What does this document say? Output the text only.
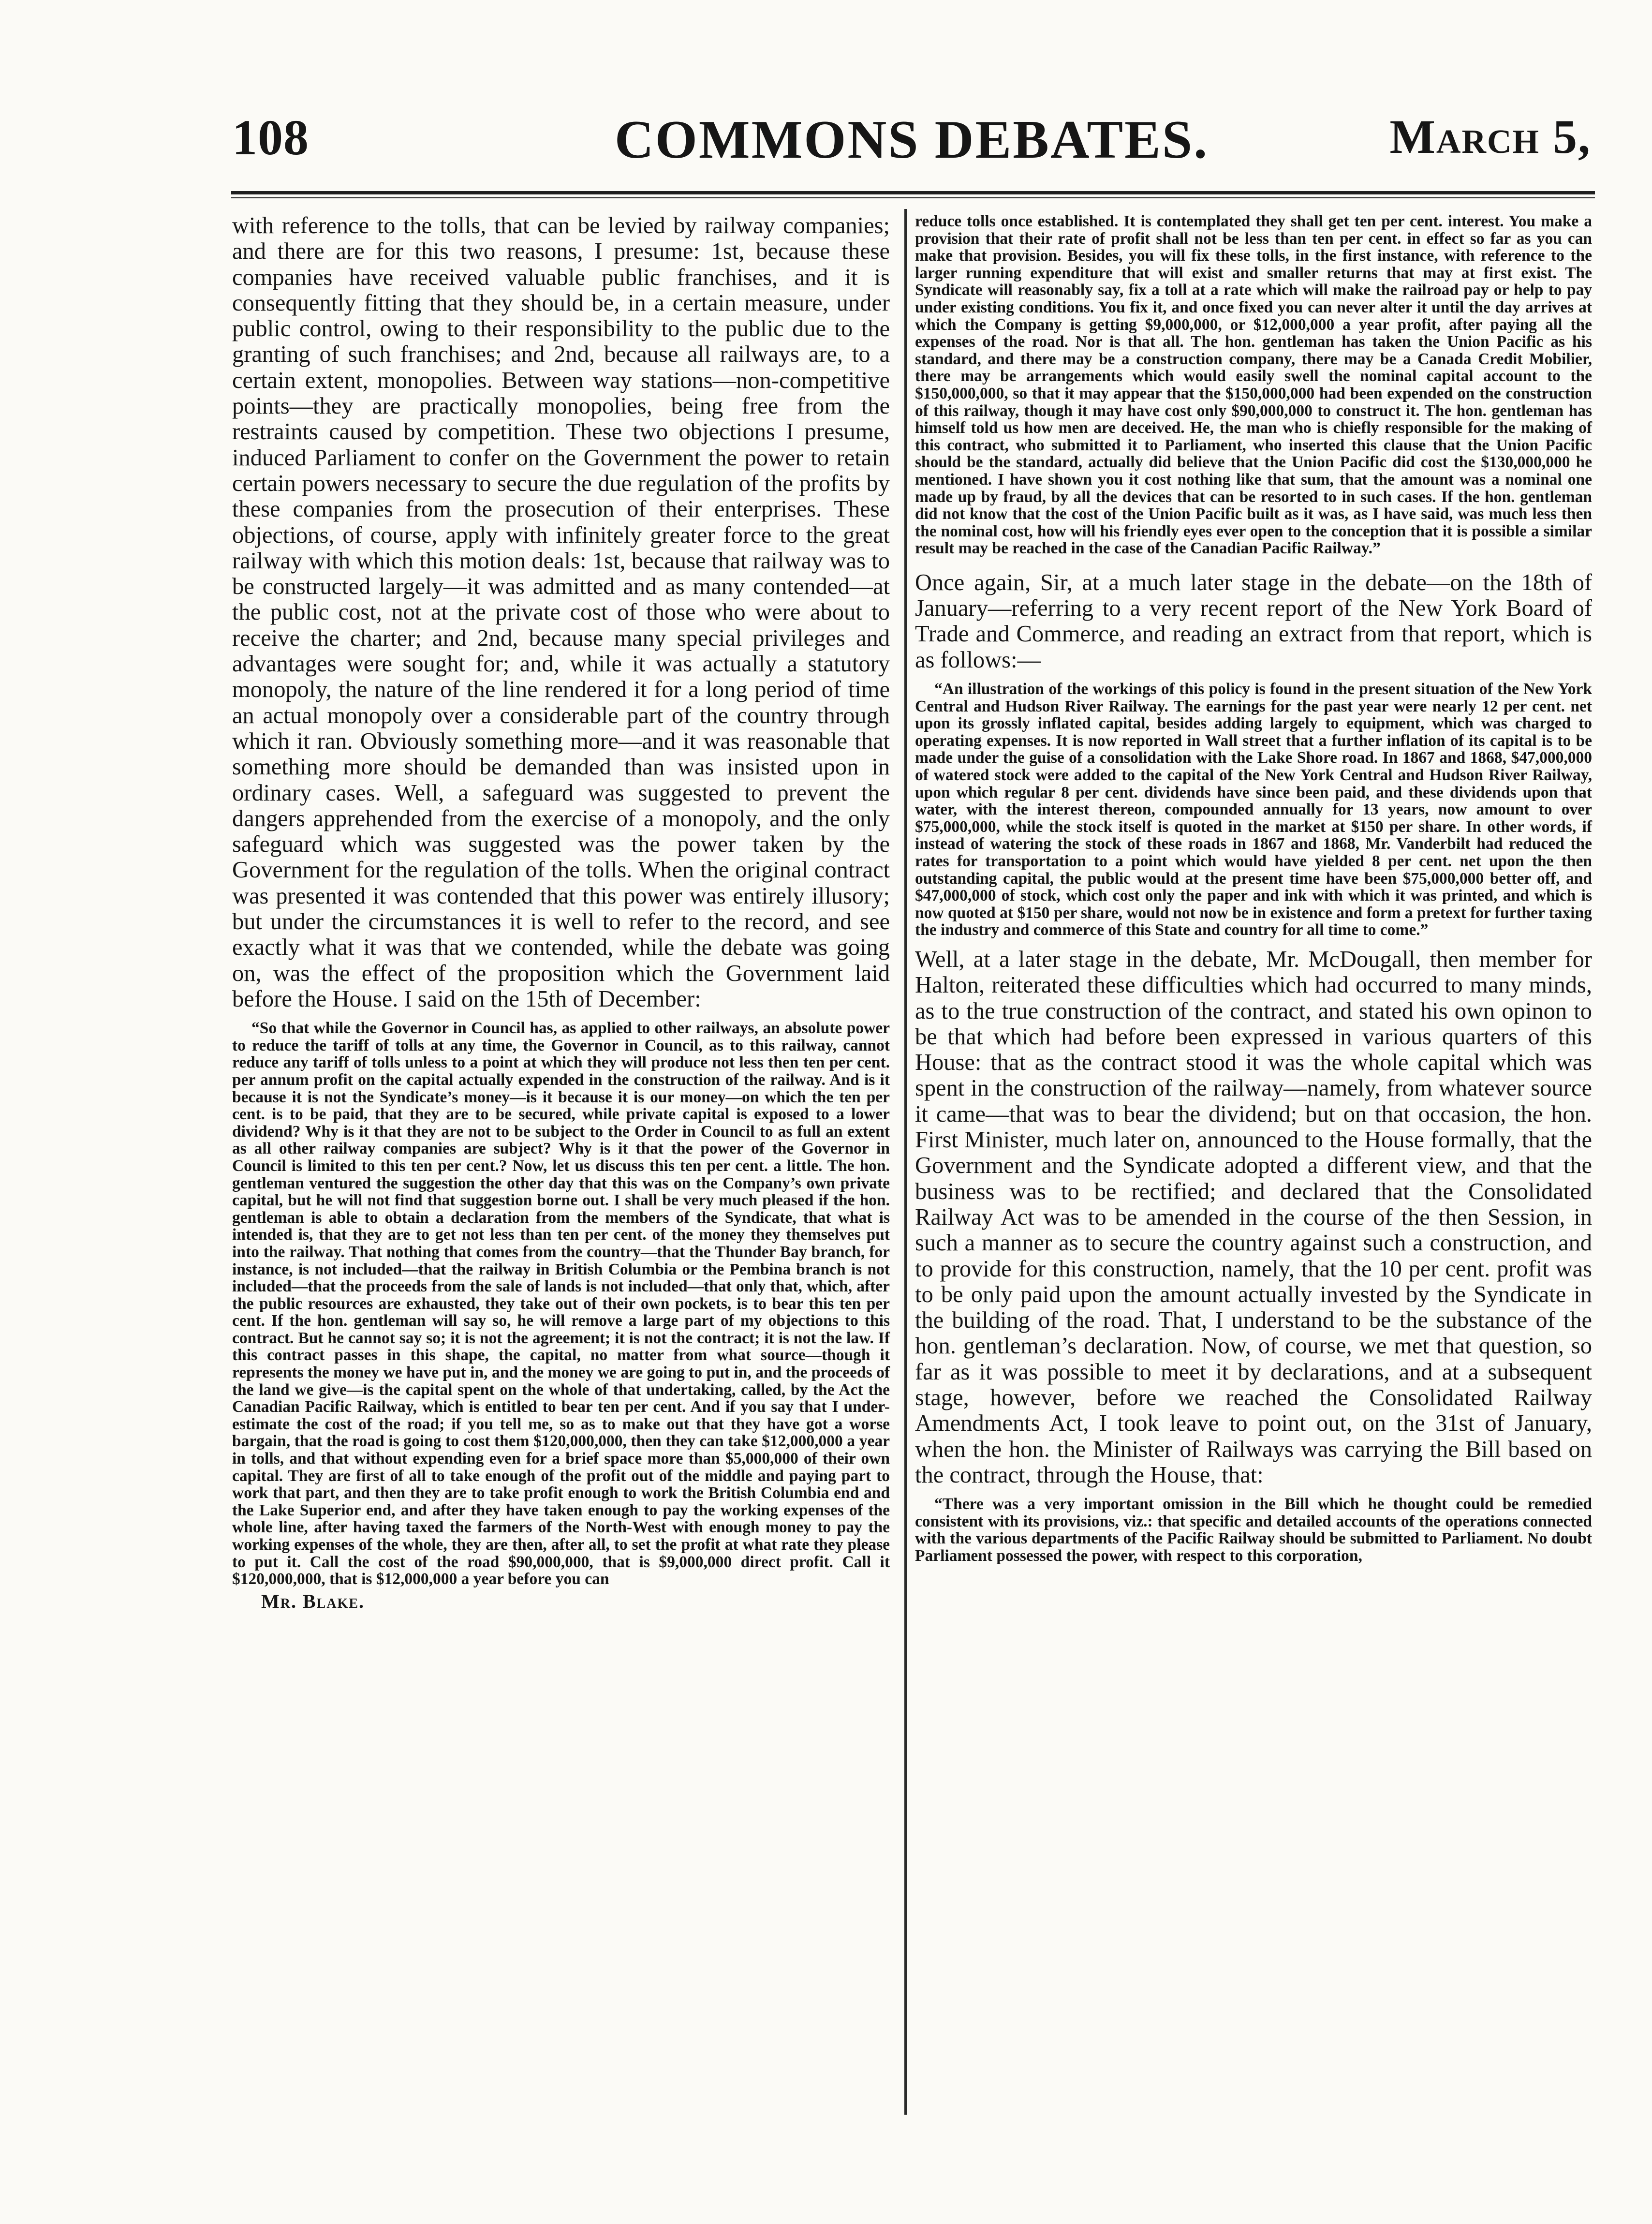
108	COMMONS DEBATES.	March 5,

with reference to the tolls, that can be levied by railway companies; and there are for this two reasons, I presume: 1st, because these companies have received valuable public franchises, and it is consequently fitting that they should be, in a certain measure, under public control, owing to their responsibility to the public due to the granting of such franchises; and 2nd, because all railways are, to a certain extent, monopolies. Between way stations—non-competitive points—they are practically monopolies, being free from the restraints caused by competition. These two objections I presume, induced Parliament to confer on the Government the power to retain certain powers necessary to secure the due regulation of the profits by these companies from the prosecution of their enterprises. These objections, of course, apply with infinitely greater force to the great railway with which this motion deals: 1st, because that railway was to be constructed largely—it was admitted and as many contended—at the public cost, not at the private cost of those who were about to receive the charter; and 2nd, because many special privileges and advantages were sought for; and, while it was actually a statutory monopoly, the nature of the line rendered it for a long period of time an actual monopoly over a considerable part of the country through which it ran. Obviously something more—and it was reasonable that something more should be demanded than was insisted upon in ordinary cases. Well, a safeguard was suggested to prevent the dangers apprehended from the exercise of a monopoly, and the only safeguard which was suggested was the power taken by the Government for the regulation of the tolls. When the original contract was presented it was contended that this power was entirely illusory; but under the circumstances it is well to refer to the record, and see exactly what it was that we contended, while the debate was going on, was the effect of the proposition which the Government laid before the House. I said on the 15th of December:

“So that while the Governor in Council has, as applied to other railways, an absolute power to reduce the tariff of tolls at any time, the Governor in Council, as to this railway, cannot reduce any tariff of tolls unless to a point at which they will produce not less then ten per cent. per annum profit on the capital actually expended in the construction of the railway. And is it because it is not the Syndicate’s money—is it because it is our money—on which the ten per cent. is to be paid, that they are to be secured, while private capital is exposed to a lower dividend? Why is it that they are not to be subject to the Order in Council to as full an extent as all other railway companies are subject? Why is it that the power of the Governor in Council is limited to this ten per cent.? Now, let us discuss this ten per cent. a little. The hon. gentleman ventured the suggestion the other day that this was on the Company’s own private capital, but he will not find that suggestion borne out. I shall be very much pleased if the hon. gentleman is able to obtain a declaration from the members of the Syndicate, that what is intended is, that they are to get not less than ten per cent. of the money they themselves put into the railway. That nothing that comes from the country—that the Thunder Bay branch, for instance, is not included—that the railway in British Columbia or the Pembina branch is not included—that the proceeds from the sale of lands is not included—that only that, which, after the public resources are exhausted, they take out of their own pockets, is to bear this ten per cent. If the hon. gentleman will say so, he will remove a large part of my objections to this contract. But he cannot say so; it is not the agreement; it is not the contract; it is not the law. If this contract passes in this shape, the capital, no matter from what source—though it represents the money we have put in, and the money we are going to put in, and the proceeds of the land we give—is the capital spent on the whole of that undertaking, called, by the Act the Canadian Pacific Railway, which is entitled to bear ten per cent. And if you say that I under-estimate the cost of the road; if you tell me, so as to make out that they have got a worse bargain, that the road is going to cost them $120,000,000, then they can take $12,000,000 a year in tolls, and that without expending even for a brief space more than $5,000,000 of their own capital. They are first of all to take enough of the profit out of the middle and paying part to work that part, and then they are to take profit enough to work the British Columbia end and the Lake Superior end, and after they have taken enough to pay the working expenses of the whole line, after having taxed the farmers of the North-West with enough money to pay the working expenses of the whole, they are then, after all, to set the profit at what rate they please to put it. Call the cost of the road $90,000,000, that is $9,000,000 direct profit. Call it $120,000,000, that is $12,000,000 a year before you can

Mr. Blake.

reduce tolls once established. It is contemplated they shall get ten per cent. interest. You make a provision that their rate of profit shall not be less than ten per cent. in effect so far as you can make that provision. Besides, you will fix these tolls, in the first instance, with reference to the larger running expenditure that will exist and smaller returns that may at first exist. The Syndicate will reasonably say, fix a toll at a rate which will make the railroad pay or help to pay under existing conditions. You fix it, and once fixed you can never alter it until the day arrives at which the Company is getting $9,000,000, or $12,000,000 a year profit, after paying all the expenses of the road. Nor is that all. The hon. gentleman has taken the Union Pacific as his standard, and there may be a construction company, there may be a Canada Credit Mobilier, there may be arrangements which would easily swell the nominal capital account to the $150,000,000, so that it may appear that the $150,000,000 had been expended on the construction of this railway, though it may have cost only $90,000,000 to construct it. The hon. gentleman has himself told us how men are deceived. He, the man who is chiefly responsible for the making of this contract, who submitted it to Parliament, who inserted this clause that the Union Pacific should be the standard, actually did believe that the Union Pacific did cost the $130,000,000 he mentioned. I have shown you it cost nothing like that sum, that the amount was a nominal one made up by fraud, by all the devices that can be resorted to in such cases. If the hon. gentleman did not know that the cost of the Union Pacific built as it was, as I have said, was much less then the nominal cost, how will his friendly eyes ever open to the conception that it is possible a similar result may be reached in the case of the Canadian Pacific Railway.”

Once again, Sir, at a much later stage in the debate—on the 18th of January—referring to a very recent report of the New York Board of Trade and Commerce, and reading an extract from that report, which is as follows:—

“An illustration of the workings of this policy is found in the present situation of the New York Central and Hudson River Railway. The earnings for the past year were nearly 12 per cent. net upon its grossly inflated capital, besides adding largely to equipment, which was charged to operating expenses. It is now reported in Wall street that a further inflation of its capital is to be made under the guise of a consolidation with the Lake Shore road. In 1867 and 1868, $47,000,000 of watered stock were added to the capital of the New York Central and Hudson River Railway, upon which regular 8 per cent. dividends have since been paid, and these dividends upon that water, with the interest thereon, compounded annually for 13 years, now amount to over $75,000,000, while the stock itself is quoted in the market at $150 per share. In other words, if instead of watering the stock of these roads in 1867 and 1868, Mr. Vanderbilt had reduced the rates for transportation to a point which would have yielded 8 per cent. net upon the then outstanding capital, the public would at the present time have been $75,000,000 better off, and $47,000,000 of stock, which cost only the paper and ink with which it was printed, and which is now quoted at $150 per share, would not now be in existence and form a pretext for further taxing the industry and commerce of this State and country for all time to come.”

Well, at a later stage in the debate, Mr. McDougall, then member for Halton, reiterated these difficulties which had occurred to many minds, as to the true construction of the contract, and stated his own opinon to be that which had before been expressed in various quarters of this House: that as the contract stood it was the whole capital which was spent in the construction of the railway—namely, from whatever source it came—that was to bear the dividend; but on that occasion, the hon. First Minister, much later on, announced to the House formally, that the Government and the Syndicate adopted a different view, and that the business was to be rectified; and declared that the Consolidated Railway Act was to be amended in the course of the then Session, in such a manner as to secure the country against such a construction, and to provide for this construction, namely, that the 10 per cent. profit was to be only paid upon the amount actually invested by the Syndicate in the building of the road. That, I understand to be the substance of the hon. gentleman’s declaration. Now, of course, we met that question, so far as it was possible to meet it by declarations, and at a subsequent stage, however, before we reached the Consolidated Railway Amendments Act, I took leave to point out, on the 31st of January, when the hon. the Minister of Railways was carrying the Bill based on the contract, through the House, that:

“There was a very important omission in the Bill which he thought could be remedied consistent with its provisions, viz.: that specific and detailed accounts of the operations connected with the various departments of the Pacific Railway should be submitted to Parliament. No doubt Parliament possessed the power, with respect to this corporation,
